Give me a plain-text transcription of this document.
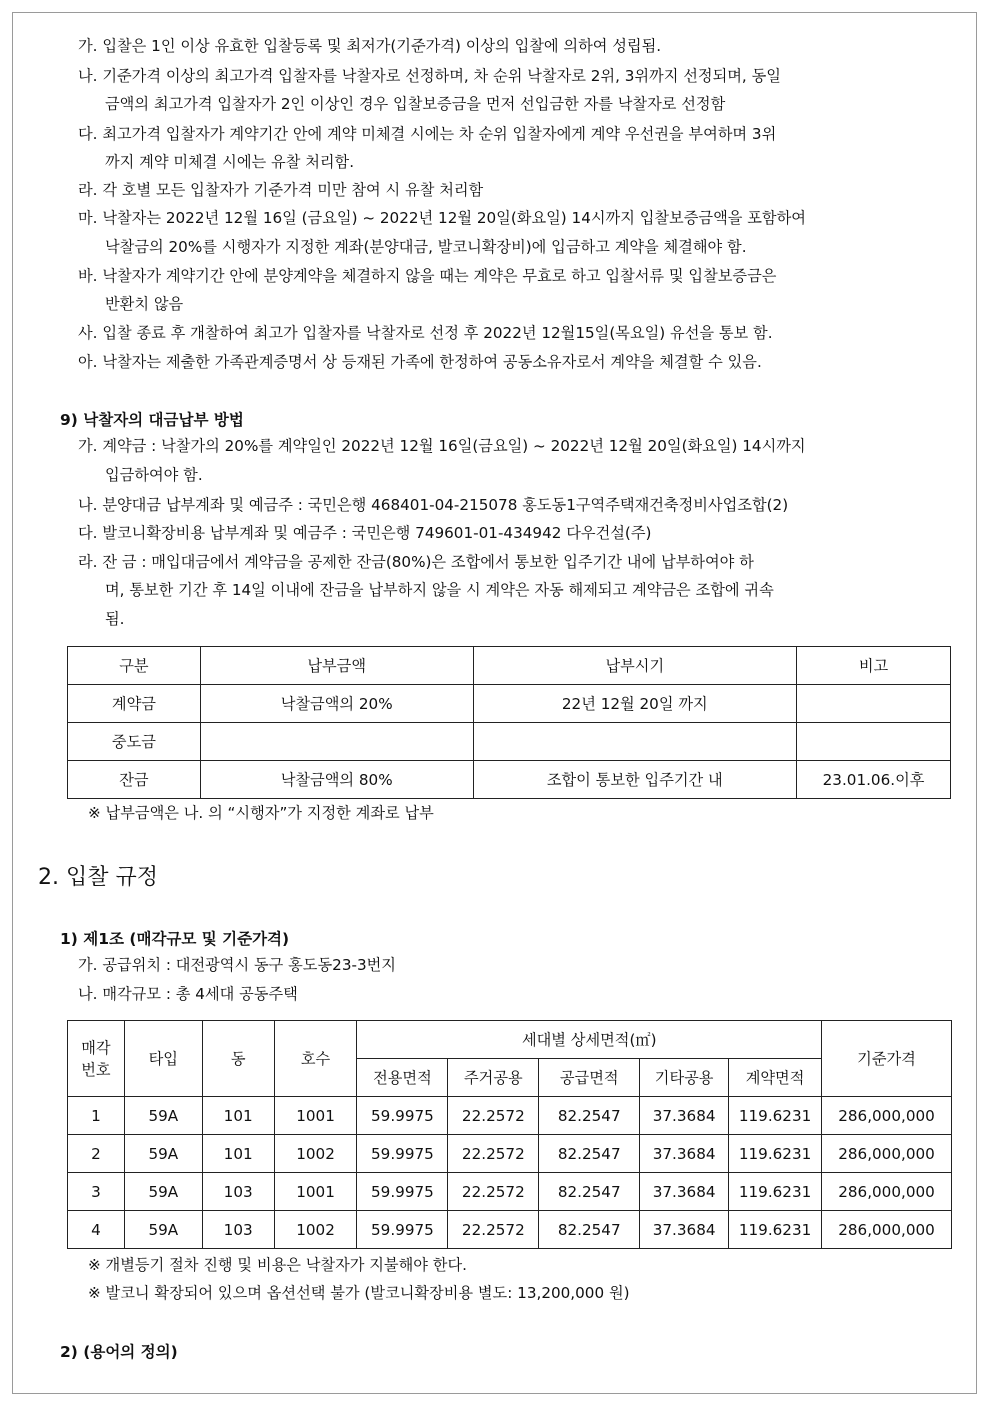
가. 입찰은 1인 이상 유효한 입찰등록 및 최저가(기준가격) 이상의 입찰에 의하여 성립됨.
나. 기준가격 이상의 최고가격 입찰자를 낙찰자로 선정하며, 차 순위 낙찰자로 2위, 3위까지 선정되며, 동일
금액의 최고가격 입찰자가 2인 이상인 경우 입찰보증금을 먼저 선입금한 자를 낙찰자로 선정함
다. 최고가격 입찰자가 계약기간 안에 계약 미체결 시에는 차 순위 입찰자에게 계약 우선권을 부여하며 3위
까지 계약 미체결 시에는 유찰 처리함.
라. 각 호별 모든 입찰자가 기준가격 미만 참여 시 유찰 처리함
마. 낙찰자는 2022년 12월 16일 (금요일) ~ 2022년 12월 20일(화요일) 14시까지 입찰보증금액을 포함하여
낙찰금의 20%를 시행자가 지정한 계좌(분양대금, 발코니확장비)에 입금하고 계약을 체결해야 함.
바. 낙찰자가 계약기간 안에 분양계약을 체결하지 않을 때는 계약은 무효로 하고 입찰서류 및 입찰보증금은
반환치 않음
사. 입찰 종료 후 개찰하여 최고가 입찰자를 낙찰자로 선정 후 2022년 12월15일(목요일) 유선을 통보 함.
아. 낙찰자는 제출한 가족관계증명서 상 등재된 가족에 한정하여 공동소유자로서 계약을 체결할 수 있음.
9) 낙찰자의 대금납부 방법
가. 계약금 : 낙찰가의 20%를 계약일인 2022년 12월 16일(금요일) ~ 2022년 12월 20일(화요일) 14시까지
입금하여야 함.
나. 분양대금 납부계좌 및 예금주 : 국민은행 468401-04-215078 홍도동1구역주택재건축정비사업조합(2)
다. 발코니확장비용 납부계좌 및 예금주 : 국민은행 749601-01-434942 다우건설(주)
라. 잔 금 : 매입대금에서 계약금을 공제한 잔금(80%)은 조합에서 통보한 입주기간 내에 납부하여야 하
며, 통보한 기간 후 14일 이내에 잔금을 납부하지 않을 시 계약은 자동 해제되고 계약금은 조합에 귀속
됨.
구분	납부금액	납부시기	비고
계약금	낙찰금액의 20%	22년 12월 20일 까지	
중도금			
잔금	낙찰금액의 80%	조합이 통보한 입주기간 내	23.01.06.이후
※ 납부금액은 나. 의 “시행자”가 지정한 계좌로 납부
2. 입찰 규정
1) 제1조 (매각규모 및 기준가격)
가. 공급위치 : 대전광역시 동구 홍도동23-3번지
나. 매각규모 : 총 4세대 공동주택
매각
번호	타입	동	호수	세대별 상세면적(㎡)					기준가격
				전용면적	주거공용	공급면적	기타공용	계약면적	
1	59A	101	1001	59.9975	22.2572	82.2547	37.3684	119.6231	286,000,000
2	59A	101	1002	59.9975	22.2572	82.2547	37.3684	119.6231	286,000,000
3	59A	103	1001	59.9975	22.2572	82.2547	37.3684	119.6231	286,000,000
4	59A	103	1002	59.9975	22.2572	82.2547	37.3684	119.6231	286,000,000
※ 개별등기 절차 진행 및 비용은 낙찰자가 지불해야 한다.
※ 발코니 확장되어 있으며 옵션선택 불가 (발코니확장비용 별도: 13,200,000 원)
2) (용어의 정의)
